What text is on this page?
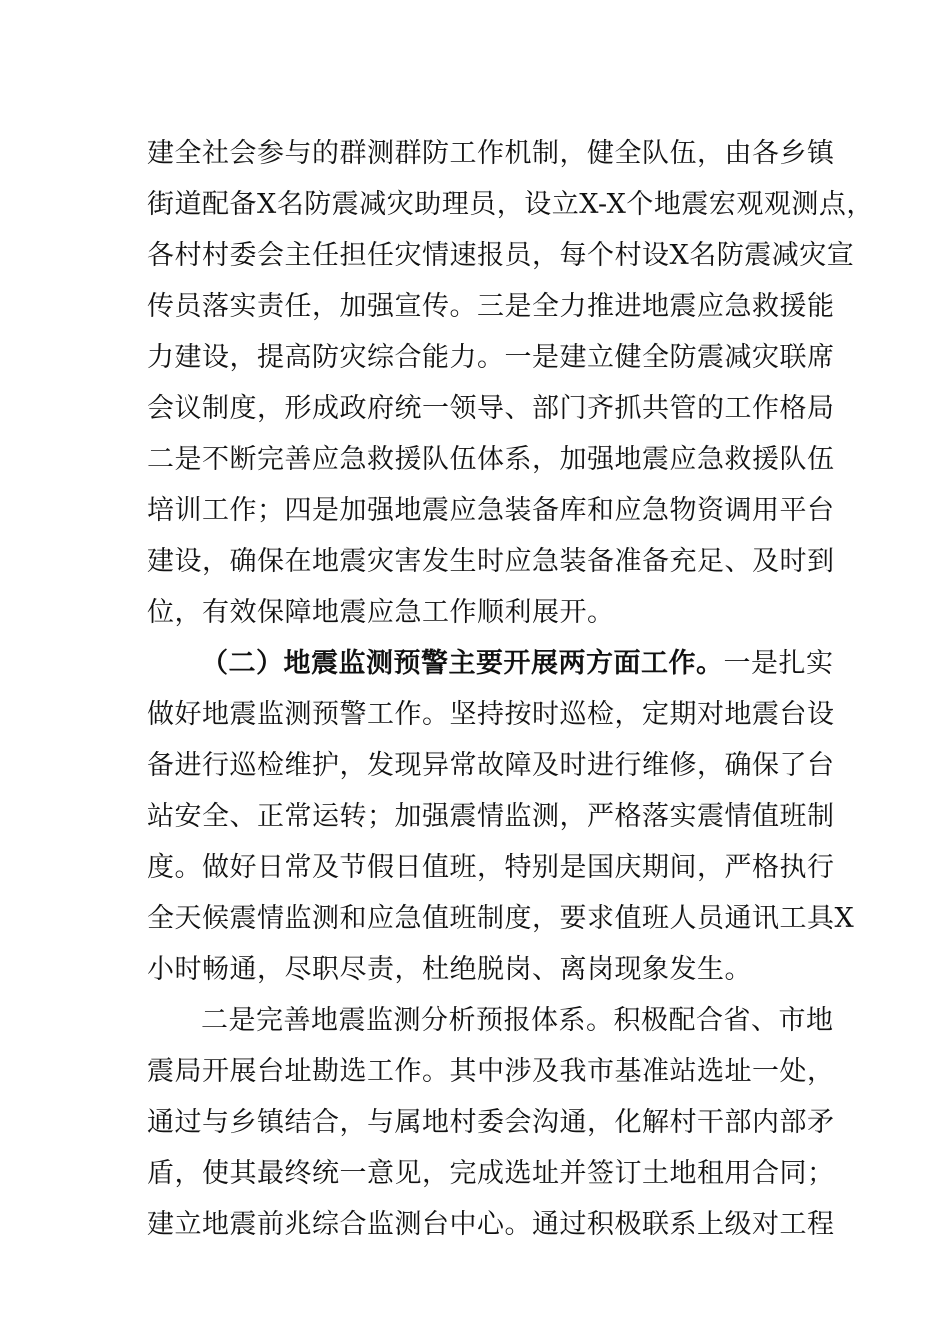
建全社会参与的群测群防工作机制，健全队伍，由各乡镇
街道配备X名防震减灾助理员，设立X-X个地震宏观观测点，
各村村委会主任担任灾情速报员，每个村设X名防震减灾宣
传员落实责任，加强宣传。三是全力推进地震应急救援能
力建设，提高防灾综合能力。一是建立健全防震减灾联席
会议制度，形成政府统一领导、部门齐抓共管的工作格局
二是不断完善应急救援队伍体系，加强地震应急救援队伍
培训工作；四是加强地震应急装备库和应急物资调用平台
建设，确保在地震灾害发生时应急装备准备充足、及时到
位，有效保障地震应急工作顺利展开。
（二）地震监测预警主要开展两方面工作。一是扎实
做好地震监测预警工作。坚持按时巡检，定期对地震台设
备进行巡检维护，发现异常故障及时进行维修，确保了台
站安全、正常运转；加强震情监测，严格落实震情值班制
度。做好日常及节假日值班，特别是国庆期间，严格执行
全天候震情监测和应急值班制度，要求值班人员通讯工具X
小时畅通，尽职尽责，杜绝脱岗、离岗现象发生。
二是完善地震监测分析预报体系。积极配合省、市地
震局开展台址勘选工作。其中涉及我市基准站选址一处，
通过与乡镇结合，与属地村委会沟通，化解村干部内部矛
盾，使其最终统一意见，完成选址并签订土地租用合同；
建立地震前兆综合监测台中心。通过积极联系上级对工程
